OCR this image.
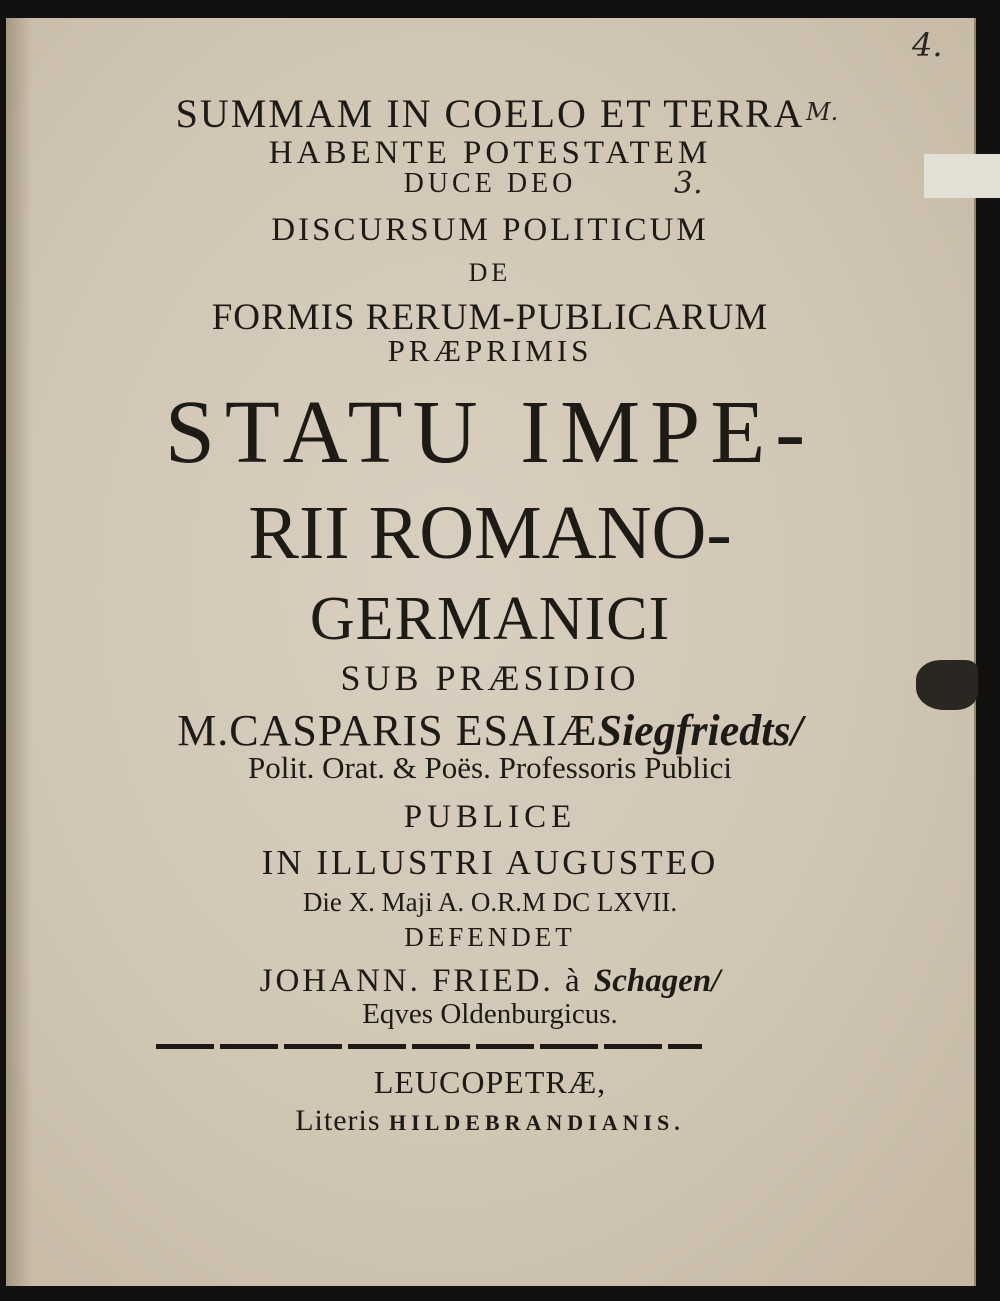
SUMMAM IN COELO ET TERRA
HABENTE POTESTATEM
DUCE DEO
DISCURSUM POLITICUM
DE
FORMIS RERUM-PUBLICARUM
PRÆPRIMIS
STATU IMPE-
RII ROMANO-
GERMANICI
SUB PRÆSIDIO
M.CASPARIS ESAIÆSiegfriedts/
Polit. Orat. & Poës. Professoris Publici
PUBLICE
IN ILLUSTRI AUGUSTEO
Die X. Maji A. O.R.M DC LXVII.
DEFENDET
JOHANN. FRIED. à Schagen/
Eqves Oldenburgicus.
LEUCOPETRÆ,
Literis HILDEBRANDIANIS.
M.
3.
4.
